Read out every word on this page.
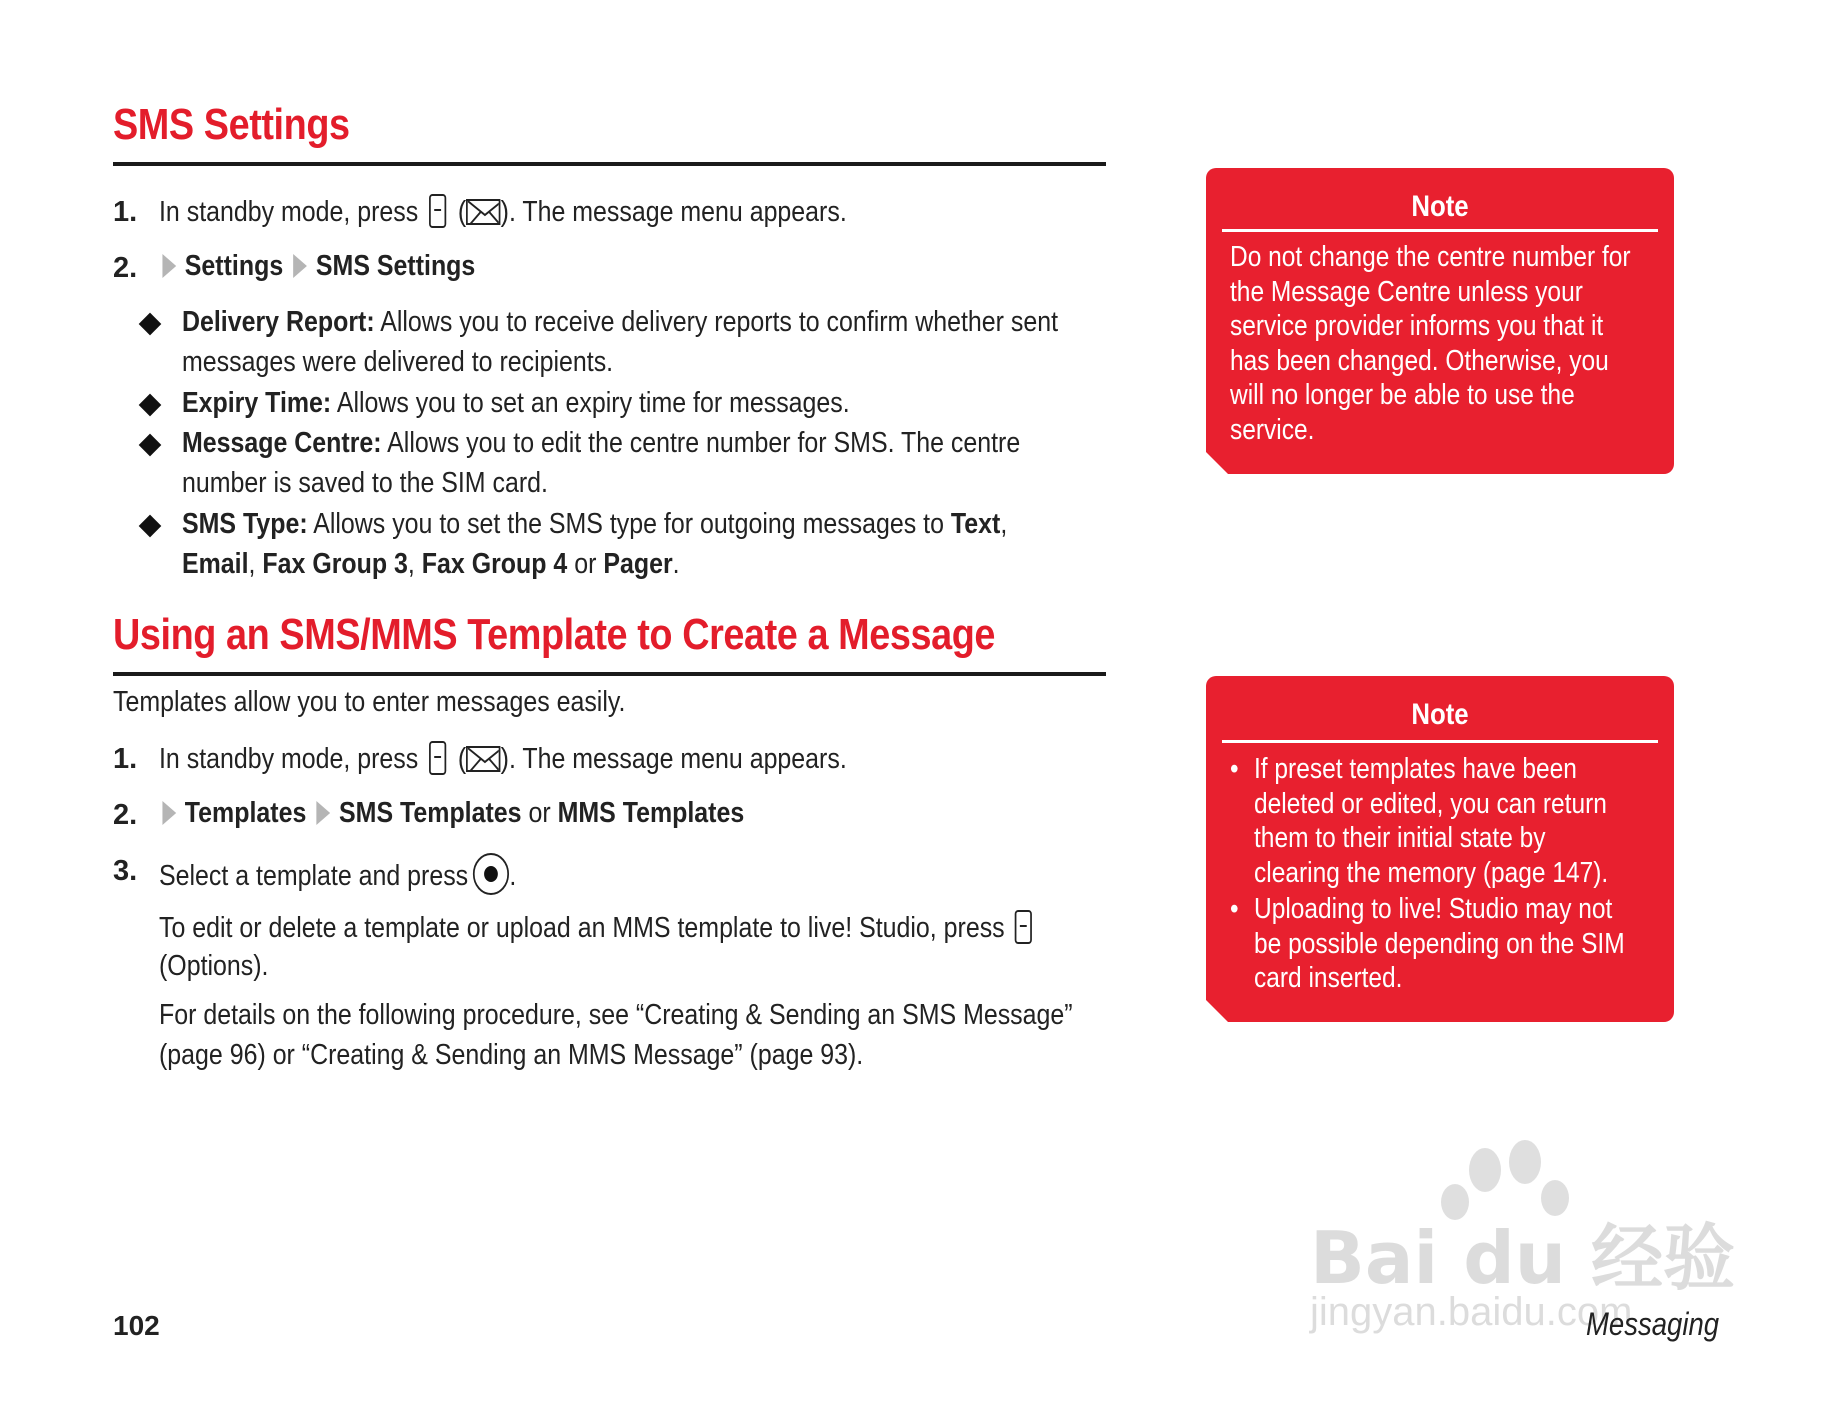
SMS Settings
1. In standby mode, press ( ). The message menu appears.
2.	Settings SMS Settings
Delivery Report: Allows you to receive delivery reports to confirm whether sent
messages were delivered to recipients.
Expiry Time: Allows you to set an expiry time for messages.
Message Centre: Allows you to edit the centre number for SMS. The centre
number is saved to the SIM card.
SMS Type: Allows you to set the SMS type for outgoing messages to Text,
Email, Fax Group 3, Fax Group 4 or Pager.
Using an SMS/MMS Template to Create a Message
Templates allow you to enter messages easily.
1. In standby mode, press ( ). The message menu appears.
2.	Templates SMS Templates or MMS Templates
3. Select a template and press .
To edit or delete a template or upload an MMS template to live! Studio, press
(Options).
For details on the following procedure, see “Creating & Sending an SMS Message”
(page 96) or “Creating & Sending an MMS Message” (page 93).
Note
Do not change the centre number for
the Message Centre unless your
service provider informs you that it
has been changed. Otherwise, you
will no longer be able to use the
service.
Note
• If preset templates have been
deleted or edited, you can return
them to their initial state by
clearing the memory (page 147).
• Uploading to live! Studio may not
be possible depending on the SIM
card inserted.
102
Bai du 经验
jingyan.baidu.com
Messaging
